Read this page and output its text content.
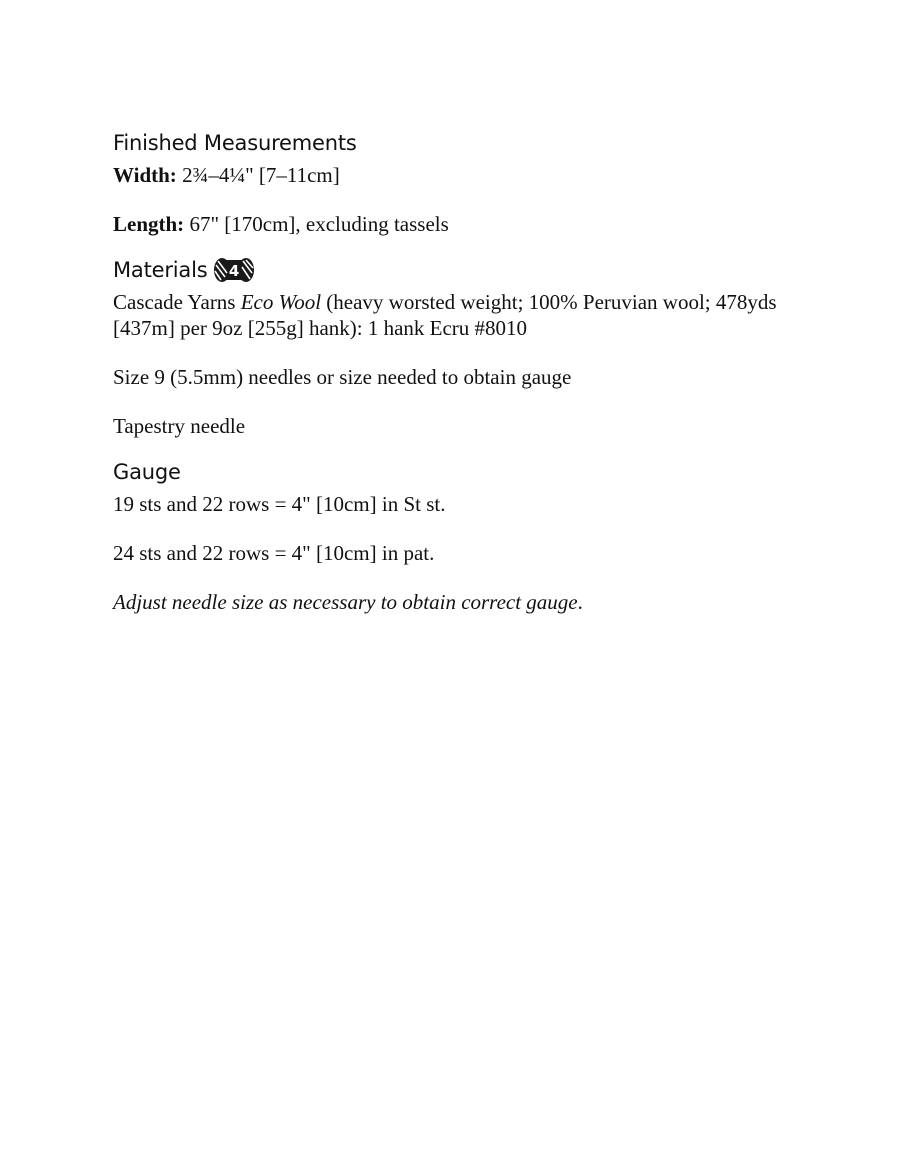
Finished Measurements

Width: 2¾–4¼" [7–11cm]

Length: 67" [170cm], excluding tassels

Materials 4

Cascade Yarns Eco Wool (heavy worsted weight; 100% Peruvian wool; 478yds [437m] per 9oz [255g] hank): 1 hank Ecru #8010

Size 9 (5.5mm) needles or size needed to obtain gauge

Tapestry needle

Gauge

19 sts and 22 rows = 4" [10cm] in St st.

24 sts and 22 rows = 4" [10cm] in pat.

Adjust needle size as necessary to obtain correct gauge.
